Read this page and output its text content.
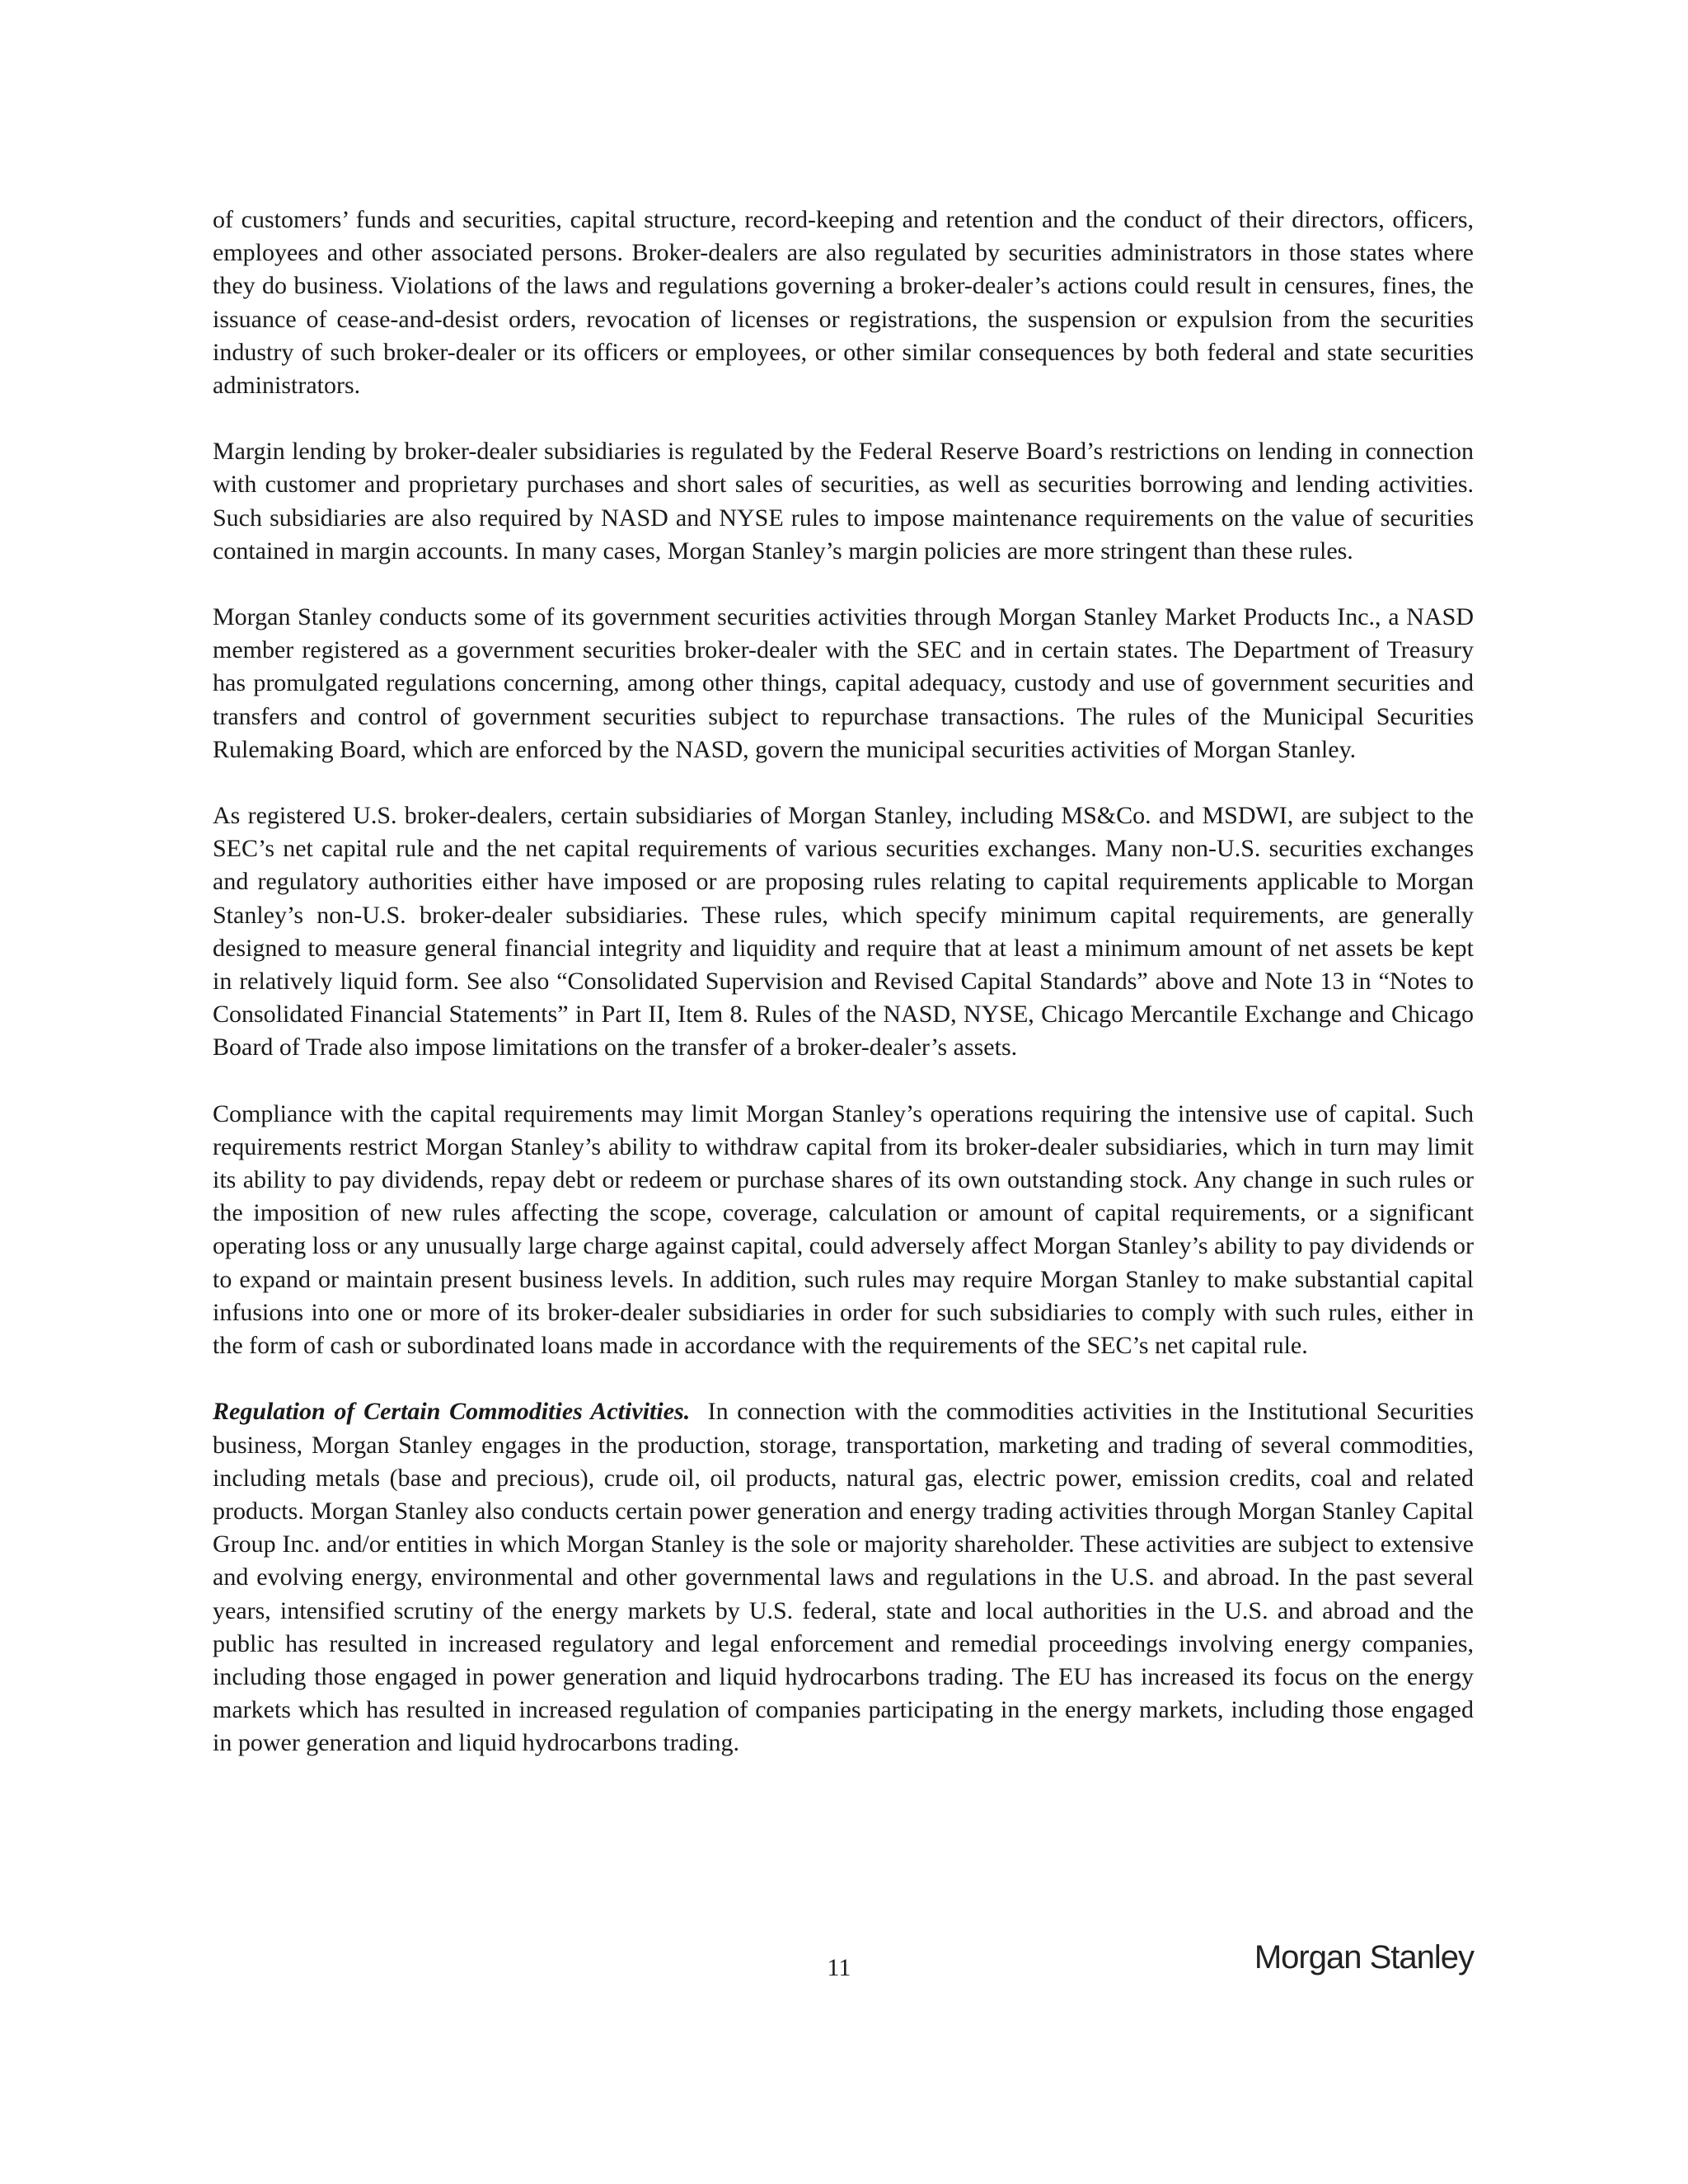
of customers’ funds and securities, capital structure, record-keeping and retention and the conduct of their directors, officers, employees and other associated persons. Broker-dealers are also regulated by securities administrators in those states where they do business. Violations of the laws and regulations governing a broker-dealer’s actions could result in censures, fines, the issuance of cease-and-desist orders, revocation of licenses or registrations, the suspension or expulsion from the securities industry of such broker-dealer or its officers or employees, or other similar consequences by both federal and state securities administrators.

Margin lending by broker-dealer subsidiaries is regulated by the Federal Reserve Board’s restrictions on lending in connection with customer and proprietary purchases and short sales of securities, as well as securities borrowing and lending activities. Such subsidiaries are also required by NASD and NYSE rules to impose maintenance requirements on the value of securities contained in margin accounts. In many cases, Morgan Stanley’s margin policies are more stringent than these rules.

Morgan Stanley conducts some of its government securities activities through Morgan Stanley Market Products Inc., a NASD member registered as a government securities broker-dealer with the SEC and in certain states. The Department of Treasury has promulgated regulations concerning, among other things, capital adequacy, custody and use of government securities and transfers and control of government securities subject to repurchase transactions. The rules of the Municipal Securities Rulemaking Board, which are enforced by the NASD, govern the municipal securities activities of Morgan Stanley.

As registered U.S. broker-dealers, certain subsidiaries of Morgan Stanley, including MS&Co. and MSDWI, are subject to the SEC’s net capital rule and the net capital requirements of various securities exchanges. Many non-U.S. securities exchanges and regulatory authorities either have imposed or are proposing rules relating to capital requirements applicable to Morgan Stanley’s non-U.S. broker-dealer subsidiaries. These rules, which specify minimum capital requirements, are generally designed to measure general financial integrity and liquidity and require that at least a minimum amount of net assets be kept in relatively liquid form. See also “Consolidated Supervision and Revised Capital Standards” above and Note 13 in “Notes to Consolidated Financial Statements” in Part II, Item 8. Rules of the NASD, NYSE, Chicago Mercantile Exchange and Chicago Board of Trade also impose limitations on the transfer of a broker-dealer’s assets.

Compliance with the capital requirements may limit Morgan Stanley’s operations requiring the intensive use of capital. Such requirements restrict Morgan Stanley’s ability to withdraw capital from its broker-dealer subsidiaries, which in turn may limit its ability to pay dividends, repay debt or redeem or purchase shares of its own outstanding stock. Any change in such rules or the imposition of new rules affecting the scope, coverage, calculation or amount of capital requirements, or a significant operating loss or any unusually large charge against capital, could adversely affect Morgan Stanley’s ability to pay dividends or to expand or maintain present business levels. In addition, such rules may require Morgan Stanley to make substantial capital infusions into one or more of its broker-dealer subsidiaries in order for such subsidiaries to comply with such rules, either in the form of cash or subordinated loans made in accordance with the requirements of the SEC’s net capital rule.

Regulation of Certain Commodities Activities. In connection with the commodities activities in the Institutional Securities business, Morgan Stanley engages in the production, storage, transportation, marketing and trading of several commodities, including metals (base and precious), crude oil, oil products, natural gas, electric power, emission credits, coal and related products. Morgan Stanley also conducts certain power generation and energy trading activities through Morgan Stanley Capital Group Inc. and/or entities in which Morgan Stanley is the sole or majority shareholder. These activities are subject to extensive and evolving energy, environmental and other governmental laws and regulations in the U.S. and abroad. In the past several years, intensified scrutiny of the energy markets by U.S. federal, state and local authorities in the U.S. and abroad and the public has resulted in increased regulatory and legal enforcement and remedial proceedings involving energy companies, including those engaged in power generation and liquid hydrocarbons trading. The EU has increased its focus on the energy markets which has resulted in increased regulation of companies participating in the energy markets, including those engaged in power generation and liquid hydrocarbons trading.

11	Morgan Stanley
